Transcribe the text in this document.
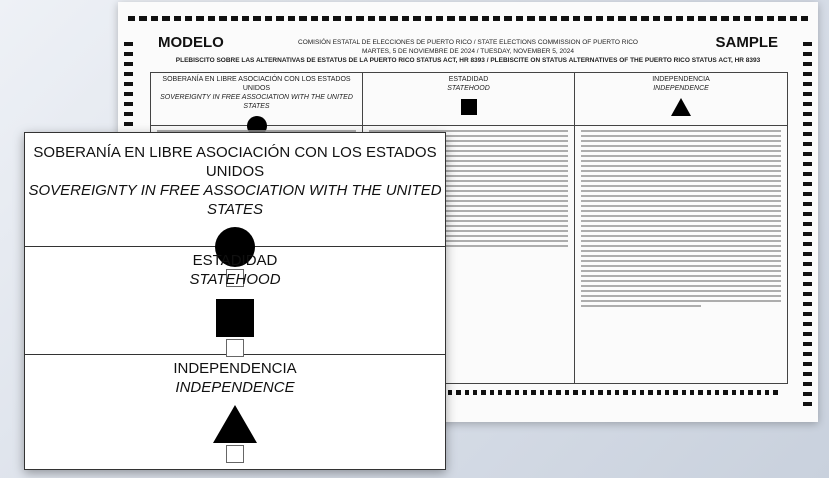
MODELO	SAMPLE
COMISIÓN ESTATAL DE ELECCIONES DE PUERTO RICO / STATE ELECTIONS COMMISSION OF PUERTO RICO
MARTES, 5 DE NOVIEMBRE DE 2024 / TUESDAY, NOVEMBER 5, 2024
PLEBISCITO SOBRE LAS ALTERNATIVAS DE ESTATUS DE LA PUERTO RICO STATUS ACT, HR 8393 / PLEBISCITE ON STATUS ALTERNATIVES OF THE PUERTO RICO STATUS ACT, HR 8393
SOBERANÍA EN LIBRE ASOCIACIÓN CON LOS ESTADOS UNIDOS
SOVEREIGNTY IN FREE ASSOCIATION WITH THE UNITED STATES
ESTADIDAD
STATEHOOD
INDEPENDENCIA
INDEPENDENCE
SOBERANÍA EN LIBRE ASOCIACIÓN CON LOS ESTADOS UNIDOS
SOVEREIGNTY IN FREE ASSOCIATION WITH THE UNITED STATES
ESTADIDAD
STATEHOOD
INDEPENDENCIA
INDEPENDENCE
